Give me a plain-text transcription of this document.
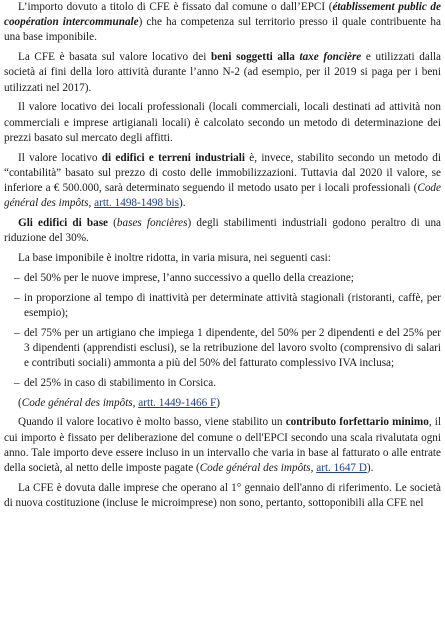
L’importo dovuto a titolo di CFE è fissato dal comune o dall’EPCI (établissement public de coopération intercommunale) che ha competenza sul territorio presso il quale contribuente ha una base imponibile.

La CFE è basata sul valore locativo dei beni soggetti alla taxe foncière e utilizzati dalla società ai fini della loro attività durante l’anno N-2 (ad esempio, per il 2019 si paga per i beni utilizzati nel 2017).

Il valore locativo dei locali professionali (locali commerciali, locali destinati ad attività non commerciali e imprese artigianali locali) è calcolato secondo un metodo di determinazione dei prezzi basato sul mercato degli affitti.

Il valore locativo di edifici e terreni industriali è, invece, stabilito secondo un metodo di “contabilità” basato sul prezzo di costo delle immobilizzazioni. Tuttavia dal 2020 il valore, se inferiore a € 500.000, sarà determinato seguendo il metodo usato per i locali professionali (Code général des impôts, artt. 1498-1498 bis).

Gli edifici di base (bases foncières) degli stabilimenti industriali godono peraltro di una riduzione del 30%.

La base imponibile è inoltre ridotta, in varia misura, nei seguenti casi:

– del 50% per le nuove imprese, l’anno successivo a quello della creazione;
– in proporzione al tempo di inattività per determinate attività stagionali (ristoranti, caffè, per esempio);
– del 75% per un artigiano che impiega 1 dipendente, del 50% per 2 dipendenti e del 25% per 3 dipendenti (apprendisti esclusi), se la retribuzione del lavoro svolto (comprensivo di salari e contributi sociali) ammonta a più del 50% del fatturato complessivo IVA inclusa;
– del 25% in caso di stabilimento in Corsica.

(Code général des impôts, artt. 1449-1466 F)

Quando il valore locativo è molto basso, viene stabilito un contributo forfettario minimo, il cui importo è fissato per deliberazione del comune o dell'EPCI secondo una scala rivalutata ogni anno. Tale importo deve essere incluso in un intervallo che varia in base al fatturato o alle entrate della società, al netto delle imposte pagate (Code général des impôts, art. 1647 D).

La CFE è dovuta dalle imprese che operano al 1° gennaio dell'anno di riferimento. Le società di nuova costituzione (incluse le microimprese) non sono, pertanto, sottoponibili alla CFE nel
